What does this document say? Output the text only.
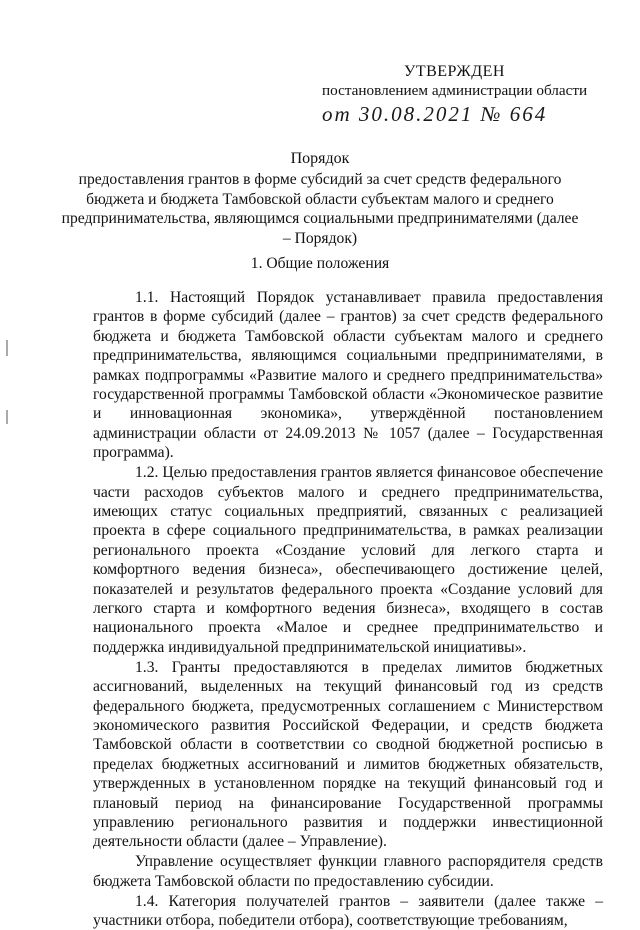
УТВЕРЖДЕН
постановлением администрации области
от 30.08.2021 № 664
Порядок
предоставления грантов в форме субсидий за счет средств федерального бюджета и бюджета Тамбовской области субъектам малого и среднего предпринимательства, являющимся социальными предпринимателями (далее – Порядок)
1. Общие положения

1.1. Настоящий Порядок устанавливает правила предоставления грантов в форме субсидий (далее – грантов) за счет средств федерального бюджета и бюджета Тамбовской области субъектам малого и среднего предпринимательства, являющимся социальными предпринимателями, в рамках подпрограммы «Развитие малого и среднего предпринимательства» государственной программы Тамбовской области «Экономическое развитие и инновационная экономика», утверждённой постановлением администрации области от 24.09.2013 № 1057 (далее – Государственная программа).

1.2. Целью предоставления грантов является финансовое обеспечение части расходов субъектов малого и среднего предпринимательства, имеющих статус социальных предприятий, связанных с реализацией проекта в сфере социального предпринимательства, в рамках реализации регионального проекта «Создание условий для легкого старта и комфортного ведения бизнеса», обеспечивающего достижение целей, показателей и результатов федерального проекта «Создание условий для легкого старта и комфортного ведения бизнеса», входящего в состав национального проекта «Малое и среднее предпринимательство и поддержка индивидуальной предпринимательской инициативы».

1.3. Гранты предоставляются в пределах лимитов бюджетных ассигнований, выделенных на текущий финансовый год из средств федерального бюджета, предусмотренных соглашением с Министерством экономического развития Российской Федерации, и средств бюджета Тамбовской области в соответствии со сводной бюджетной росписью в пределах бюджетных ассигнований и лимитов бюджетных обязательств, утвержденных в установленном порядке на текущий финансовый год и плановый период на финансирование Государственной программы управлению регионального развития и поддержки инвестиционной деятельности области (далее – Управление).

Управление осуществляет функции главного распорядителя средств бюджета Тамбовской области по предоставлению субсидии.

1.4. Категория получателей грантов – заявители (далее также – участники отбора, победители отбора), соответствующие требованиям,
